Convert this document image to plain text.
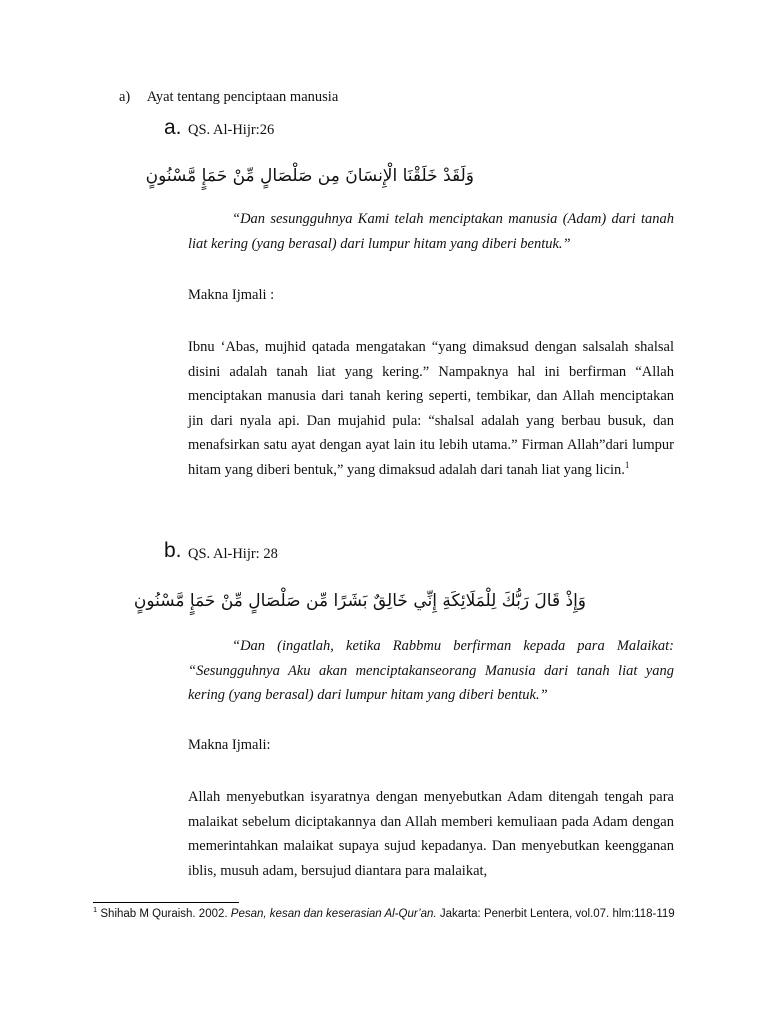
a) Ayat tentang penciptaan manusia
a. QS. Al-Hijr:26
وَلَقَدْ خَلَقْنَا الْإِنسَانَ مِن صَلْصَالٍ مِّنْ حَمَإٍ مَّسْنُونٍ
“Dan sesungguhnya Kami telah menciptakan manusia (Adam) dari tanah liat kering (yang berasal) dari lumpur hitam yang diberi bentuk.”
Makna Ijmali :
Ibnu ‘Abas, mujhid qatada mengatakan “yang dimaksud dengan salsalah shalsal disini adalah tanah liat yang kering.” Nampaknya hal ini berfirman “Allah menciptakan manusia dari tanah kering seperti, tembikar, dan Allah menciptakan jin dari nyala api. Dan mujahid pula: “shalsal adalah yang berbau busuk, dan menafsirkan satu ayat dengan ayat lain itu lebih utama.” Firman Allah”dari lumpur hitam yang diberi bentuk,” yang dimaksud adalah dari tanah liat yang licin.$^1$
b. QS. Al-Hijr: 28
وَإِذْ قَالَ رَبُّكَ لِلْمَلَائِكَةِ إِنِّي خَالِقٌ بَشَرًا مِّن صَلْصَالٍ مِّنْ حَمَإٍ مَّسْنُونٍ
“Dan (ingatlah, ketika Rabbmu berfirman kepada para Malaikat: “Sesungguhnya Aku akan menciptakanseorang Manusia dari tanah liat yang kering (yang berasal) dari lumpur hitam yang diberi bentuk.”
Makna Ijmali:
Allah menyebutkan isyaratnya dengan menyebutkan Adam ditengah tengah para malaikat sebelum diciptakannya dan Allah memberi kemuliaan pada Adam dengan memerintahkan malaikat supaya sujud kepadanya. Dan menyebutkan keengganan iblis, musuh adam, bersujud diantara para malaikat,
$^1$ Shihab M Quraish. 2002. Pesan, kesan dan keserasian Al-Qur’an. Jakarta: Penerbit Lentera, vol.07. hlm:118-119
